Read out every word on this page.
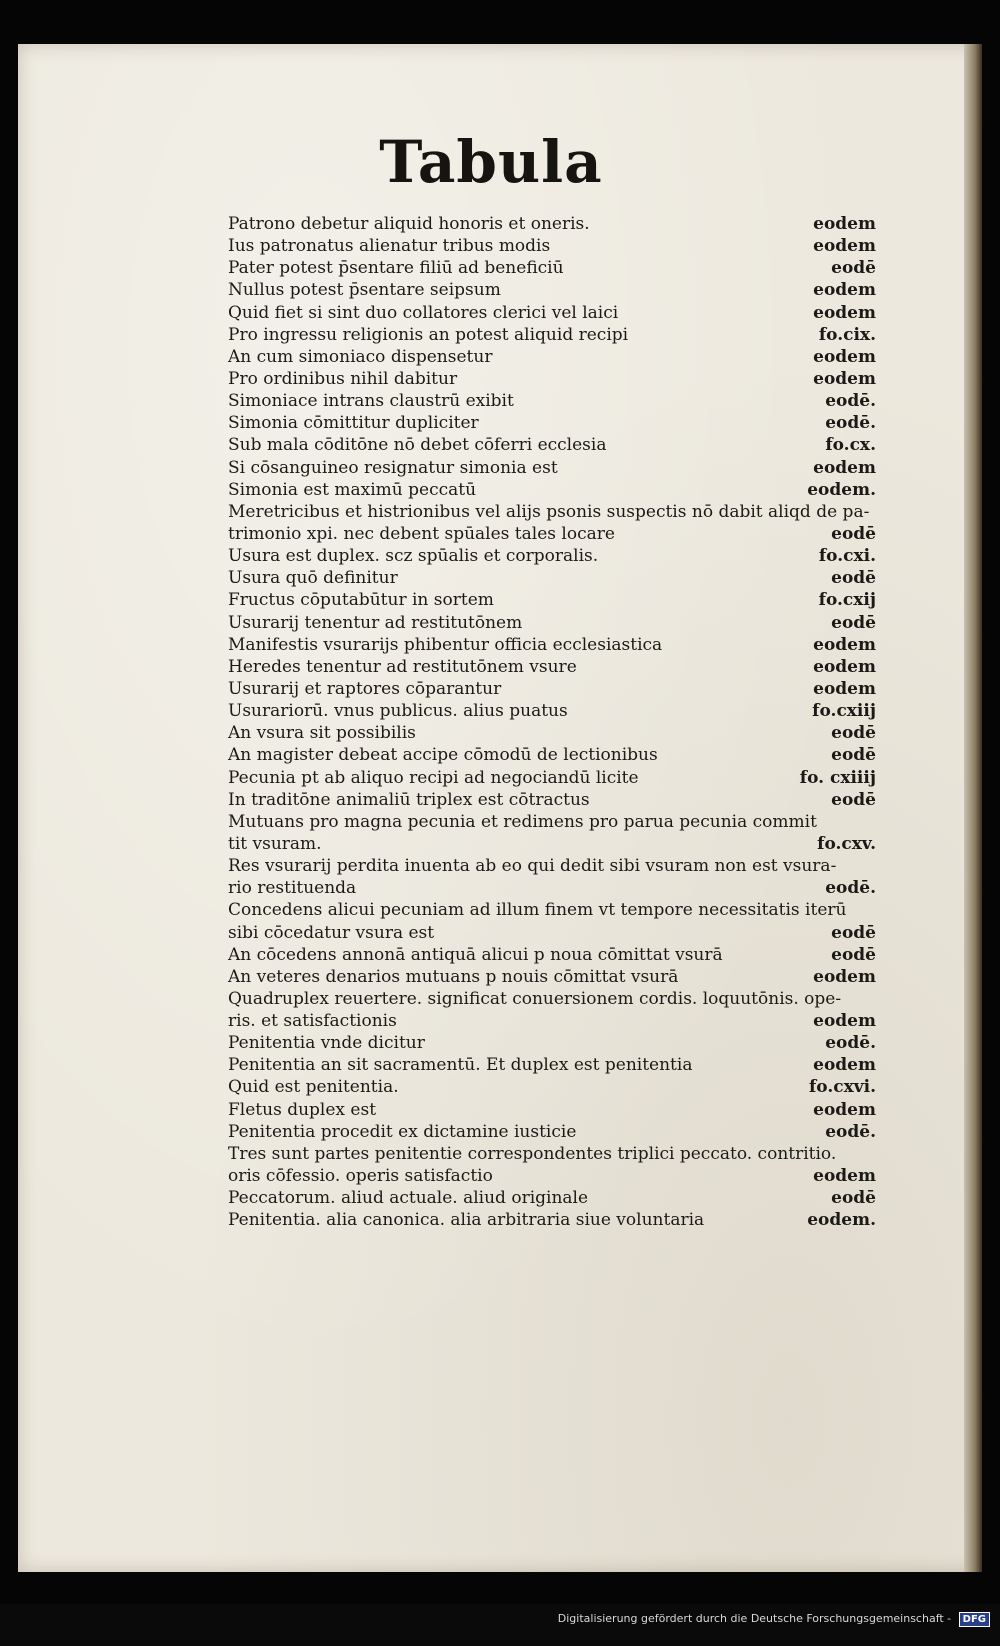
Tabula
Patrono debetur aliquid honoris et oneris.	eodem
Ius patronatus alienatur tribus modis	eodem
Pater potest p̄sentare filiū ad beneficiū	eodē
Nullus potest p̄sentare seipsum	eodem
Quid fiet si sint duo collatores clerici vel laici	eodem
Pro ingressu religionis an potest aliquid recipi	fo.cix.
An cum simoniaco dispensetur	eodem
Pro ordinibus nihil dabitur	eodem
Simoniace intrans claustrū exibit	eodē.
Simonia cōmittitur dupliciter	eodē.
Sub mala cōditōne nō debet cōferri ecclesia	fo.cx.
Si cōsanguineo resignatur simonia est	eodem
Simonia est maximū peccatū	eodem.
Meretricibus et histrionibus vel alijs psonis suspectis nō dabit aliqd de pa-
trimonio xpi. nec debent spūales tales locare	eodē
Usura est duplex. scz spūalis et corporalis.	fo.cxi.
Usura quō definitur	eodē
Fructus cōputabūtur in sortem	fo.cxij
Usurarij tenentur ad restitutōnem	eodē
Manifestis vsurarijs phibentur officia ecclesiastica	eodem
Heredes tenentur ad restitutōnem vsure	eodem
Usurarij et raptores cōparantur	eodem
Usurariorū. vnus publicus. alius puatus	fo.cxiij
An vsura sit possibilis	eodē
An magister debeat accipe cōmodū de lectionibus	eodē
Pecunia pt ab aliquo recipi ad negociandū licite	fo. cxiiij
In traditōne animaliū triplex est cōtractus	eodē
Mutuans pro magna pecunia et redimens pro parua pecunia commit
tit vsuram.	fo.cxv.
Res vsurarij perdita inuenta ab eo qui dedit sibi vsuram non est vsura-
rio restituenda	eodē.
Concedens alicui pecuniam ad illum finem vt tempore necessitatis iterū
sibi cōcedatur vsura est	eodē
An cōcedens annonā antiquā alicui p noua cōmittat vsurā	eodē
An veteres denarios mutuans p nouis cōmittat vsurā	eodem
Quadruplex reuertere. significat conuersionem cordis. loquutōnis. ope-
ris. et satisfactionis	eodem
Penitentia vnde dicitur	eodē.
Penitentia an sit sacramentū. Et duplex est penitentia	eodem
Quid est penitentia.	fo.cxvi.
Fletus duplex est	eodem
Penitentia procedit ex dictamine iusticie	eodē.
Tres sunt partes penitentie correspondentes triplici peccato. contritio.
oris cōfessio. operis satisfactio	eodem
Peccatorum. aliud actuale. aliud originale	eodē
Penitentia. alia canonica. alia arbitraria siue voluntaria	eodem.
Digitalisierung gefördert durch die Deutsche Forschungsgemeinschaft - DFG
